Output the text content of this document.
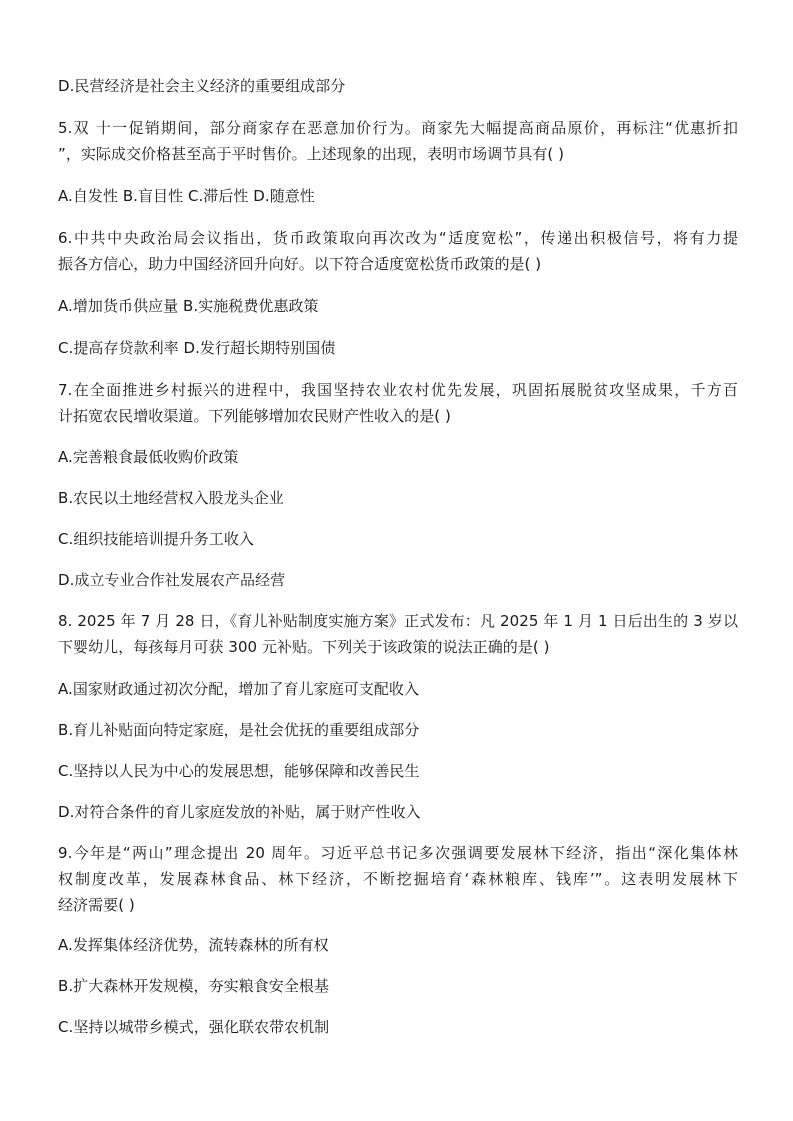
D.民营经济是社会主义经济的重要组成部分
5.双 十一促销期间，部分商家存在恶意加价行为。商家先大幅提高商品原价，再标注“优惠折扣
”，实际成交价格甚至高于平时售价。上述现象的出现，表明市场调节具有( )
A.自发性 B.盲目性 C.滞后性 D.随意性
6.中共中央政治局会议指出，货币政策取向再次改为“适度宽松”，传递出积极信号，将有力提
振各方信心，助力中国经济回升向好。以下符合适度宽松货币政策的是( )
A.增加货币供应量 B.实施税费优惠政策
C.提高存贷款利率 D.发行超长期特别国债
7.在全面推进乡村振兴的进程中，我国坚持农业农村优先发展，巩固拓展脱贫攻坚成果，千方百
计拓宽农民增收渠道。下列能够增加农民财产性收入的是( )
A.完善粮食最低收购价政策
B.农民以土地经营权入股龙头企业
C.组织技能培训提升务工收入
D.成立专业合作社发展农产品经营
8. 2025 年 7 月 28 日，《育儿补贴制度实施方案》正式发布：凡 2025 年 1 月 1 日后出生的 3 岁以
下婴幼儿，每孩每月可获 300 元补贴。下列关于该政策的说法正确的是( )
A.国家财政通过初次分配，增加了育儿家庭可支配收入
B.育儿补贴面向特定家庭，是社会优抚的重要组成部分
C.坚持以人民为中心的发展思想，能够保障和改善民生
D.对符合条件的育儿家庭发放的补贴，属于财产性收入
9.今年是“两山”理念提出 20 周年。习近平总书记多次强调要发展林下经济，指出“深化集体林
权制度改革，发展森林食品、林下经济，不断挖掘培育‘森林粮库、钱库’”。这表明发展林下
经济需要( )
A.发挥集体经济优势，流转森林的所有权
B.扩大森林开发规模，夯实粮食安全根基
C.坚持以城带乡模式，强化联农带农机制
